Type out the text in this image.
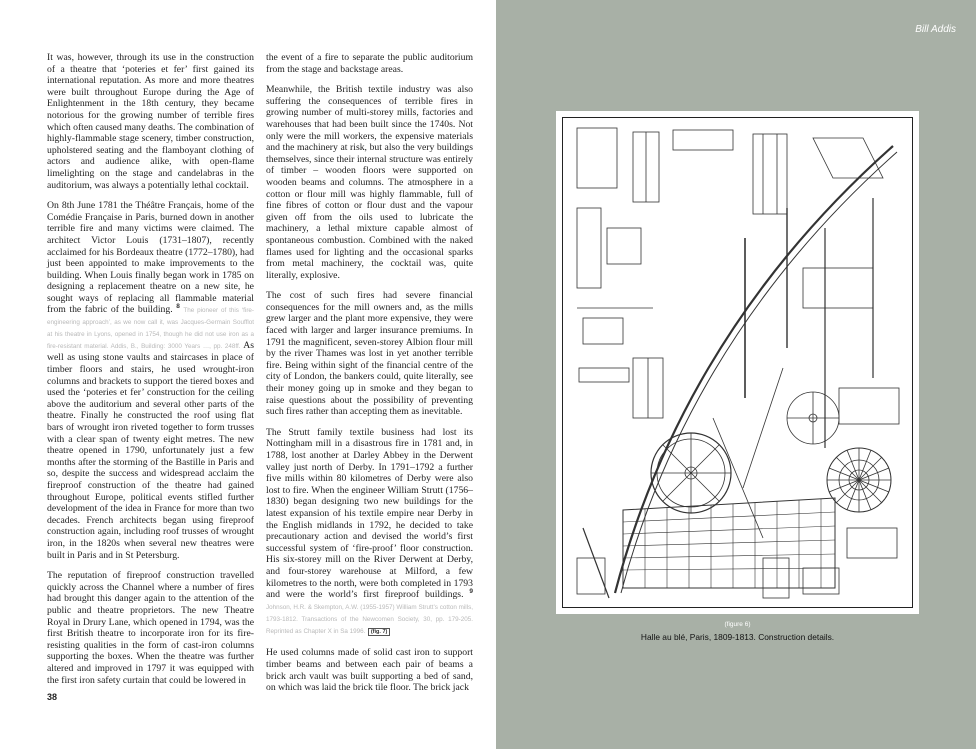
It was, however, through its use in the construction of a theatre that ‘poteries et fer’ first gained its international reputation. As more and more theatres were built throughout Europe during the Age of Enlightenment in the 18th century, they became notorious for the growing number of terrible fires which often caused many deaths. The combination of highly-flammable stage scenery, timber construction, upholstered seating and the flamboyant clothing of actors and audience alike, with open-flame limelighting on the stage and candelabras in the auditorium, was always a potentially lethal cocktail.

On 8th June 1781 the Théâtre Français, home of the Comédie Française in Paris, burned down in another terrible fire and many victims were claimed. The architect Victor Louis (1731–1807), recently acclaimed for his Bordeaux theatre (1772–1780), had just been appointed to make improvements to the building. When Louis finally began work in 1785 on designing a replacement theatre on a new site, he sought ways of replacing all flammable material from the fabric of the building. $^8$ The pioneer of this ‘fire-engineering approach’, as we now call it, was Jacques-Germain Soufflot at his theatre in Lyons, opened in 1754, though he did not use iron as a fire-resistant material. Addis, B., Building: 3000 Years …, pp. 248ff. As well as using stone vaults and staircases in place of timber floors and stairs, he used wrought-iron columns and brackets to support the tiered boxes and used the ‘poteries et fer’ construction for the ceiling above the auditorium and several other parts of the theatre. Finally he constructed the roof using flat bars of wrought iron riveted together to form trusses with a clear span of twenty eight metres. The new theatre opened in 1790, unfortunately just a few months after the storming of the Bastille in Paris and so, despite the success and widespread acclaim the fireproof construction of the theatre had gained throughout Europe, political events stifled further development of the idea in France for more than two decades. French architects began using fireproof construction again, including roof trusses of wrought iron, in the 1820s when several new theatres were built in Paris and in St Petersburg.

The reputation of fireproof construction travelled quickly across the Channel where a number of fires had brought this danger again to the attention of the public and theatre proprietors. The new Theatre Royal in Drury Lane, which opened in 1794, was the first British theatre to incorporate iron for its fire-resisting qualities in the form of cast-iron columns supporting the boxes. When the theatre was further altered and improved in 1797 it was equipped with the first iron safety curtain that could be lowered in

the event of a fire to separate the public auditorium from the stage and backstage areas.

Meanwhile, the British textile industry was also suffering the consequences of terrible fires in growing number of multi-storey mills, factories and warehouses that had been built since the 1740s. Not only were the mill workers, the expensive materials and the machinery at risk, but also the very buildings themselves, since their internal structure was entirely of timber – wooden floors were supported on wooden beams and columns. The atmosphere in a cotton or flour mill was highly flammable, full of fine fibres of cotton or flour dust and the vapour given off from the oils used to lubricate the machinery, a lethal mixture capable almost of spontaneous combustion. Combined with the naked flames used for lighting and the occasional sparks from metal machinery, the cocktail was, quite literally, explosive.

The cost of such fires had severe financial consequences for the mill owners and, as the mills grew larger and the plant more expensive, they were faced with larger and larger insurance premiums. In 1791 the magnificent, seven-storey Albion flour mill by the river Thames was lost in yet another terrible fire. Being within sight of the financial centre of the city of London, the bankers could, quite literally, see their money going up in smoke and they began to raise questions about the possibility of preventing such fires rather than accepting them as inevitable.

The Strutt family textile business had lost its Nottingham mill in a disastrous fire in 1781 and, in 1788, lost another at Darley Abbey in the Derwent valley just north of Derby. In 1791–1792 a further five mills within 80 kilometres of Derby were also lost to fire. When the engineer William Strutt (1756–1830) began designing two new buildings for the latest expansion of his textile empire near Derby in the English midlands in 1792, he decided to take precautionary action and devised the world’s first successful system of ‘fire-proof’ floor construction. His six-storey mill on the River Derwent at Derby, and four-storey warehouse at Milford, a few kilometres to the north, were both completed in 1793 and were the world’s first fireproof buildings. $^9$ Johnson, H.R. & Skempton, A.W. (1955-1957) William Strutt’s cotton mills, 1793-1812. Transactions of the Newcomen Society, 30, pp. 179-205. Reprinted as Chapter X in Sa 1996. (fig. 7)

He used columns made of solid cast iron to support timber beams and between each pair of beams a brick arch vault was built supporting a bed of sand, on which was laid the brick tile floor. The brick jack

38
Bill Addis
(figure 6)
Halle au blé, Paris, 1809-1813. Construction details.
